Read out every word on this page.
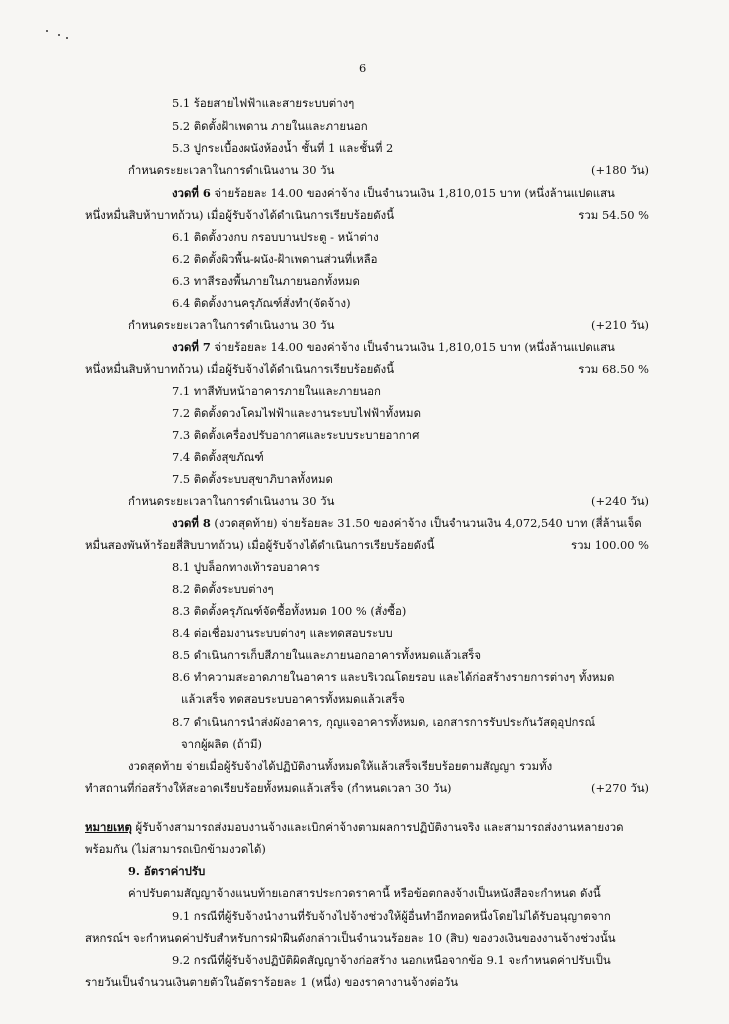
6
5.1 ร้อยสายไฟฟ้าและสายระบบต่างๆ
5.2 ติดตั้งฝ้าเพดาน ภายในและภายนอก
5.3 ปูกระเบื้องผนังห้องน้ำ ชั้นที่ 1 และชั้นที่ 2
กำหนดระยะเวลาในการดำเนินงาน 30 วัน	(+180 วัน)
งวดที่ 6 จ่ายร้อยละ 14.00 ของค่าจ้าง เป็นจำนวนเงิน 1,810,015 บาท (หนึ่งล้านแปดแสน
หนึ่งหมื่นสิบห้าบาทถ้วน) เมื่อผู้รับจ้างได้ดำเนินการเรียบร้อยดังนี้	รวม 54.50 %
6.1 ติดตั้งวงกบ กรอบบานประตู - หน้าต่าง
6.2 ติดตั้งผิวพื้น-ผนัง-ฝ้าเพดานส่วนที่เหลือ
6.3 ทาสีรองพื้นภายในภายนอกทั้งหมด
6.4 ติดตั้งงานครุภัณฑ์สั่งทำ(จัดจ้าง)
กำหนดระยะเวลาในการดำเนินงาน 30 วัน	(+210 วัน)
งวดที่ 7 จ่ายร้อยละ 14.00 ของค่าจ้าง เป็นจำนวนเงิน 1,810,015 บาท (หนึ่งล้านแปดแสน
หนึ่งหมื่นสิบห้าบาทถ้วน) เมื่อผู้รับจ้างได้ดำเนินการเรียบร้อยดังนี้	รวม 68.50 %
7.1 ทาสีทับหน้าอาคารภายในและภายนอก
7.2 ติดตั้งดวงโคมไฟฟ้าและงานระบบไฟฟ้าทั้งหมด
7.3 ติดตั้งเครื่องปรับอากาศและระบบระบายอากาศ
7.4 ติดตั้งสุขภัณฑ์
7.5 ติดตั้งระบบสุขาภิบาลทั้งหมด
กำหนดระยะเวลาในการดำเนินงาน 30 วัน	(+240 วัน)
งวดที่ 8 (งวดสุดท้าย) จ่ายร้อยละ 31.50 ของค่าจ้าง เป็นจำนวนเงิน 4,072,540 บาท (สี่ล้านเจ็ด
หมื่นสองพันห้าร้อยสี่สิบบาทถ้วน) เมื่อผู้รับจ้างได้ดำเนินการเรียบร้อยดังนี้	รวม 100.00 %
8.1 ปูบล็อกทางเท้ารอบอาคาร
8.2 ติดตั้งระบบต่างๆ
8.3 ติดตั้งครุภัณฑ์จัดซื้อทั้งหมด 100 % (สั่งซื้อ)
8.4 ต่อเชื่อมงานระบบต่างๆ และทดสอบระบบ
8.5 ดำเนินการเก็บสีภายในและภายนอกอาคารทั้งหมดแล้วเสร็จ
8.6 ทำความสะอาดภายในอาคาร และบริเวณโดยรอบ และได้ก่อสร้างรายการต่างๆ ทั้งหมด
แล้วเสร็จ ทดสอบระบบอาคารทั้งหมดแล้วเสร็จ
8.7 ดำเนินการนำส่งผังอาคาร, กุญแจอาคารทั้งหมด, เอกสารการรับประกันวัสดุอุปกรณ์
จากผู้ผลิต (ถ้ามี)
งวดสุดท้าย จ่ายเมื่อผู้รับจ้างได้ปฏิบัติงานทั้งหมดให้แล้วเสร็จเรียบร้อยตามสัญญา รวมทั้ง
ทำสถานที่ก่อสร้างให้สะอาดเรียบร้อยทั้งหมดแล้วเสร็จ (กำหนดเวลา 30 วัน)	(+270 วัน)
หมายเหตุ ผู้รับจ้างสามารถส่งมอบงานจ้างและเบิกค่าจ้างตามผลการปฏิบัติงานจริง และสามารถส่งงานหลายงวด
พร้อมกัน (ไม่สามารถเบิกข้ามงวดได้)
9. อัตราค่าปรับ
ค่าปรับตามสัญญาจ้างแนบท้ายเอกสารประกวดราคานี้ หรือข้อตกลงจ้างเป็นหนังสือจะกำหนด ดังนี้
9.1 กรณีที่ผู้รับจ้างนำงานที่รับจ้างไปจ้างช่วงให้ผู้อื่นทำอีกทอดหนึ่งโดยไม่ได้รับอนุญาตจาก
สหกรณ์ฯ จะกำหนดค่าปรับสำหรับการฝ่าฝืนดังกล่าวเป็นจำนวนร้อยละ 10 (สิบ) ของวงเงินของงานจ้างช่วงนั้น
9.2 กรณีที่ผู้รับจ้างปฏิบัติผิดสัญญาจ้างก่อสร้าง นอกเหนือจากข้อ 9.1 จะกำหนดค่าปรับเป็น
รายวันเป็นจำนวนเงินตายตัวในอัตราร้อยละ 1 (หนึ่ง) ของราคางานจ้างต่อวัน
